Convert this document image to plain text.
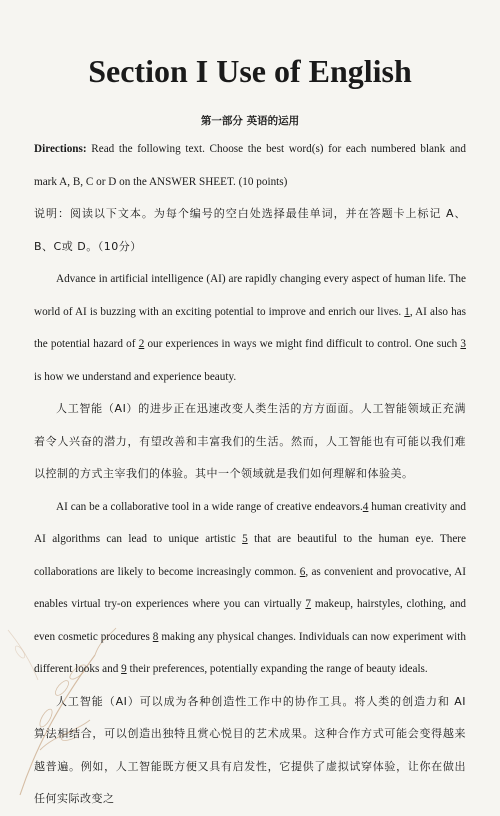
Section I Use of English
第一部分 英语的运用

Directions: Read the following text. Choose the best word(s) for each numbered blank and mark A, B, C or D on the ANSWER SHEET. (10 points)

说明：阅读以下文本。为每个编号的空白处选择最佳单词，并在答题卡上标记 A、B、C或 D。（10分）

Advance in artificial intelligence (AI) are rapidly changing every aspect of human life. The world of AI is buzzing with an exciting potential to improve and enrich our lives. 1, AI also has the potential hazard of 2 our experiences in ways we might find difficult to control. One such 3 is how we understand and experience beauty.

人工智能（AI）的进步正在迅速改变人类生活的方方面面。人工智能领域正充满着令人兴奋的潜力，有望改善和丰富我们的生活。然而，人工智能也有可能以我们难以控制的方式主宰我们的体验。其中一个领域就是我们如何理解和体验美。

AI can be a collaborative tool in a wide range of creative endeavors.4 human creativity and AI algorithms can lead to unique artistic 5 that are beautiful to the human eye. There collaborations are likely to become increasingly common. 6, as convenient and provocative, AI enables virtual try-on experiences where you can virtually 7 makeup, hairstyles, clothing, and even cosmetic procedures 8 making any physical changes. Individuals can now experiment with different looks and 9 their preferences, potentially expanding the range of beauty ideals.

人工智能（AI）可以成为各种创造性工作中的协作工具。将人类的创造力和 AI 算法相结合，可以创造出独特且赏心悦目的艺术成果。这种合作方式可能会变得越来越普遍。例如，人工智能既方便又具有启发性，它提供了虚拟试穿体验，让你在做出任何实际改变之
